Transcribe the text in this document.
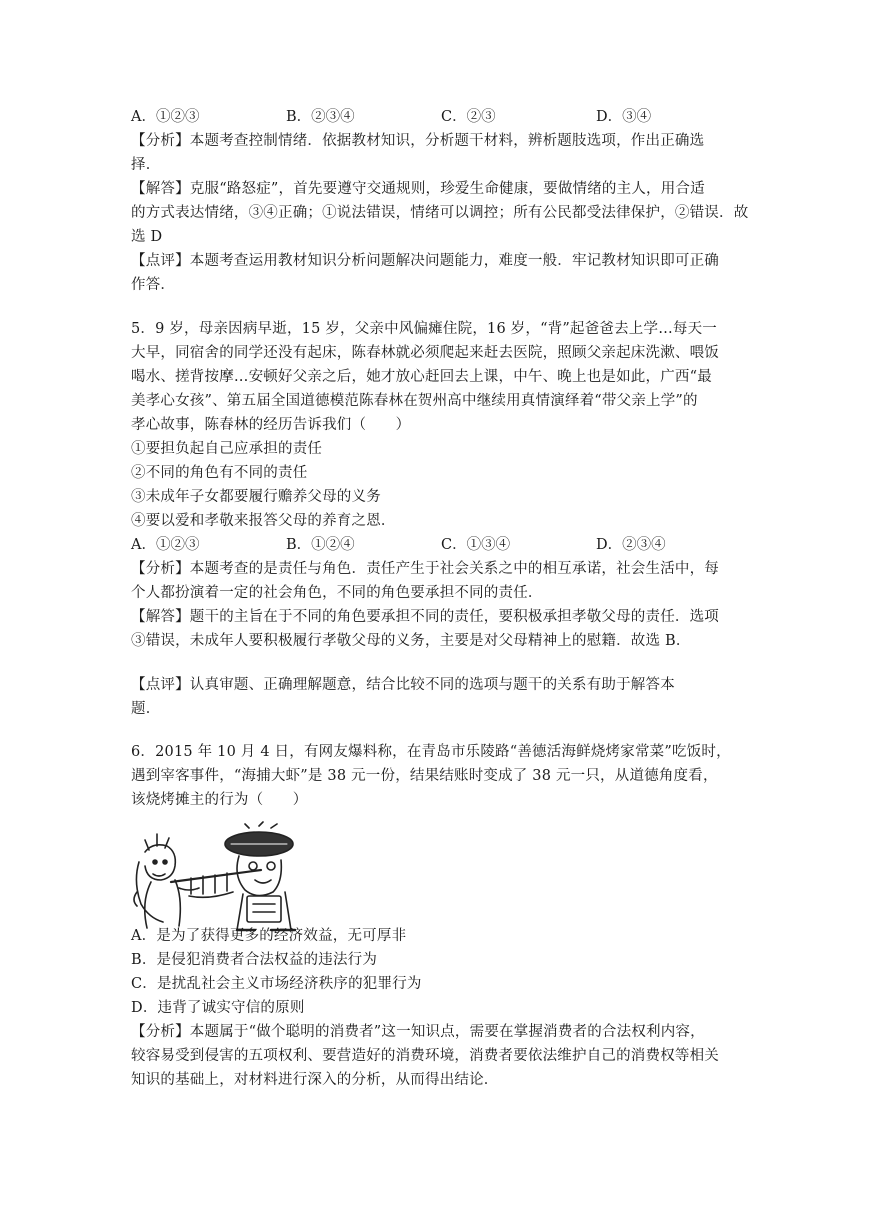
A．①②③	B．②③④	C．②③	D．③④
【分析】本题考查控制情绪．依据教材知识，分析题干材料，辨析题肢选项，作出正确选
择．
【解答】克服“路怒症”，首先要遵守交通规则，珍爱生命健康，要做情绪的主人，用合适
的方式表达情绪，③④正确；①说法错误，情绪可以调控；所有公民都受法律保护，②错误．故
选 D
【点评】本题考查运用教材知识分析问题解决问题能力，难度一般．牢记教材知识即可正确
作答．
5．9 岁，母亲因病早逝，15 岁，父亲中风偏瘫住院，16 岁，“背”起爸爸去上学…每天一
大早，同宿舍的同学还没有起床，陈春林就必须爬起来赶去医院，照顾父亲起床洗漱、喂饭
喝水、搓背按摩…安顿好父亲之后，她才放心赶回去上课，中午、晚上也是如此，广西“最
美孝心女孩”、第五届全国道德模范陈春林在贺州高中继续用真情演绎着“带父亲上学”的
孝心故事，陈春林的经历告诉我们（　　）
①要担负起自己应承担的责任
②不同的角色有不同的责任
③未成年子女都要履行赡养父母的义务
④要以爱和孝敬来报答父母的养育之恩．
A．①②③	B．①②④	C．①③④	D．②③④
【分析】本题考查的是责任与角色．责任产生于社会关系之中的相互承诺，社会生活中，每
个人都扮演着一定的社会角色，不同的角色要承担不同的责任．
【解答】题干的主旨在于不同的角色要承担不同的责任，要积极承担孝敬父母的责任．选项
③错误，未成年人要积极履行孝敬父母的义务，主要是对父母精神上的慰籍．故选 B．
【点评】认真审题、正确理解题意，结合比较不同的选项与题干的关系有助于解答本
题．
6．2015 年 10 月 4 日，有网友爆料称，在青岛市乐陵路“善德活海鲜烧烤家常菜”吃饭时，
遇到宰客事件，“海捕大虾”是 38 元一份，结果结账时变成了 38 元一只，从道德角度看，
该烧烤摊主的行为（　　）
A．是为了获得更多的经济效益，无可厚非
B．是侵犯消费者合法权益的违法行为
C．是扰乱社会主义市场经济秩序的犯罪行为
D．违背了诚实守信的原则
【分析】本题属于“做个聪明的消费者”这一知识点，需要在掌握消费者的合法权利内容，
较容易受到侵害的五项权利、要营造好的消费环境，消费者要依法维护自己的消费权等相关
知识的基础上，对材料进行深入的分析，从而得出结论．
